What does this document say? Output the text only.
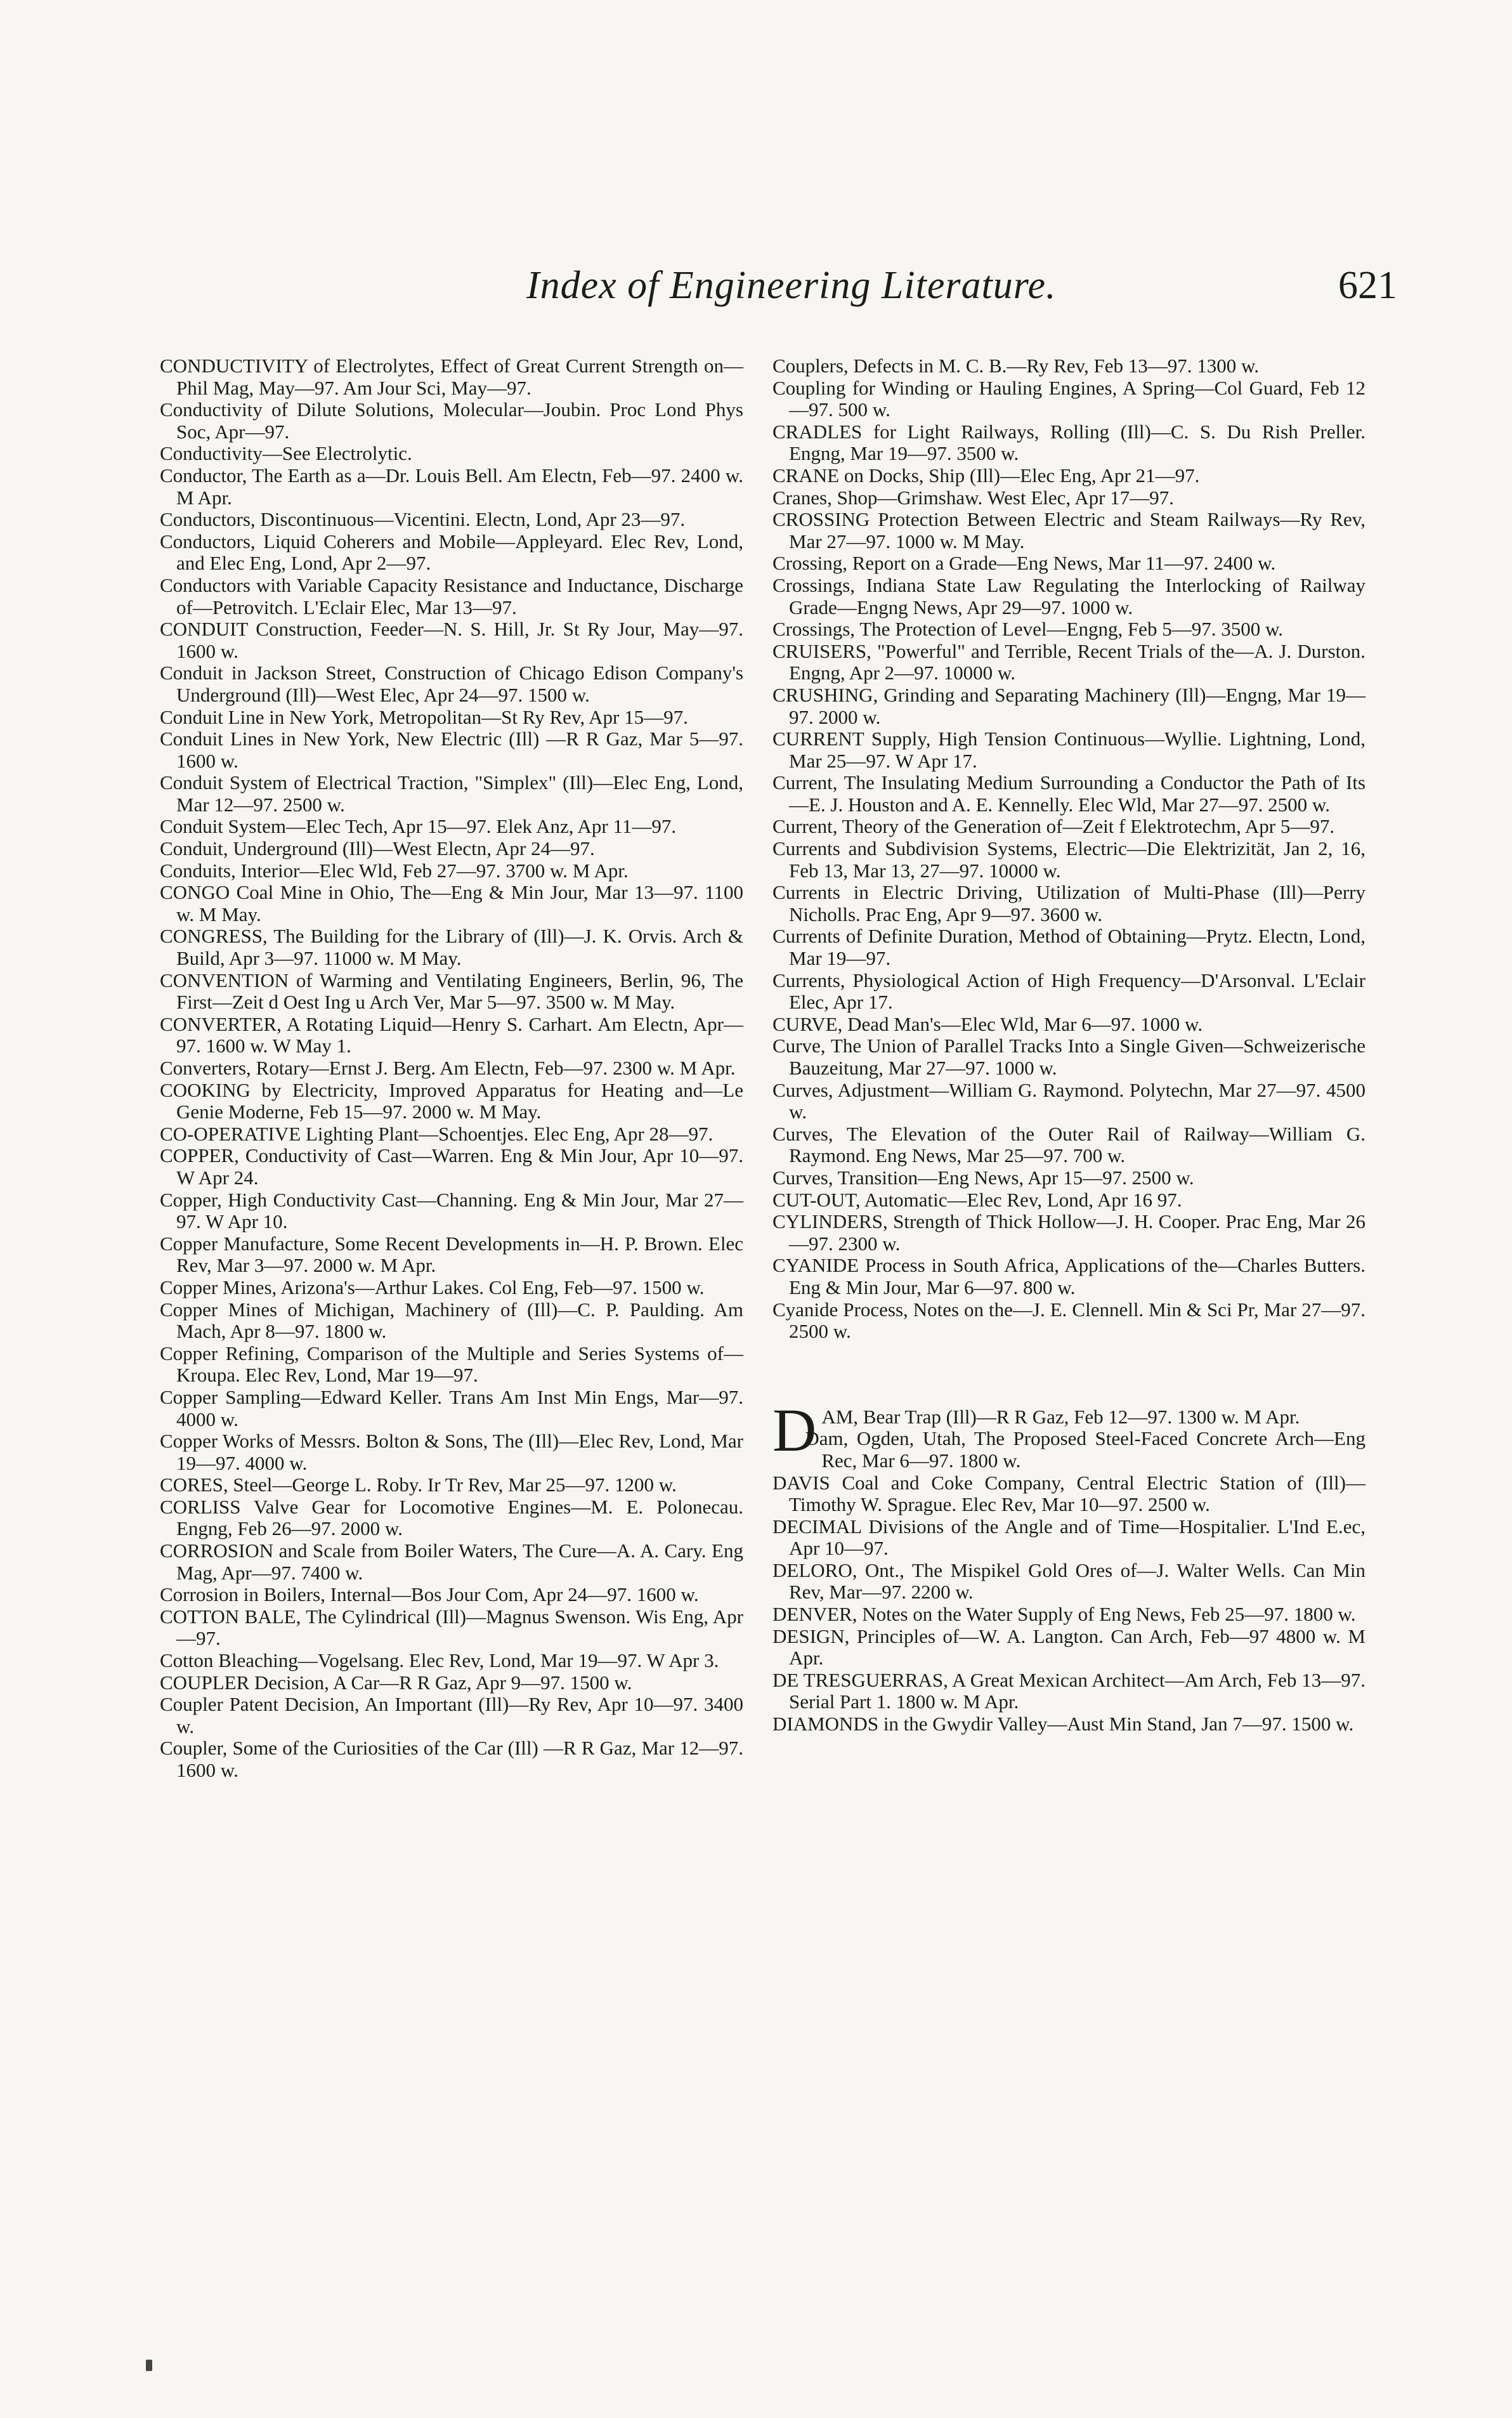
Index of Engineering Literature.	621

CONDUCTIVITY of Electrolytes, Effect of Great Current Strength on—Phil Mag, May—97. Am Jour Sci, May—97.

Conductivity of Dilute Solutions, Molecular—Joubin. Proc Lond Phys Soc, Apr—97.

Conductivity—See Electrolytic.

Conductor, The Earth as a—Dr. Louis Bell. Am Electn, Feb—97. 2400 w. M Apr.

Conductors, Discontinuous—Vicentini. Electn, Lond, Apr 23—97.

Conductors, Liquid Coherers and Mobile—Appleyard. Elec Rev, Lond, and Elec Eng, Lond, Apr 2—97.

Conductors with Variable Capacity Resistance and Inductance, Discharge of—Petrovitch. L'Eclair Elec, Mar 13—97.

CONDUIT Construction, Feeder—N. S. Hill, Jr. St Ry Jour, May—97. 1600 w.

Conduit in Jackson Street, Construction of Chicago Edison Company's Underground (Ill)—West Elec, Apr 24—97. 1500 w.

Conduit Line in New York, Metropolitan—St Ry Rev, Apr 15—97.

Conduit Lines in New York, New Electric (Ill) —R R Gaz, Mar 5—97. 1600 w.

Conduit System of Electrical Traction, "Simplex" (Ill)—Elec Eng, Lond, Mar 12—97. 2500 w.

Conduit System—Elec Tech, Apr 15—97. Elek Anz, Apr 11—97.

Conduit, Underground (Ill)—West Electn, Apr 24—97.

Conduits, Interior—Elec Wld, Feb 27—97. 3700 w. M Apr.

CONGO Coal Mine in Ohio, The—Eng & Min Jour, Mar 13—97. 1100 w. M May.

CONGRESS, The Building for the Library of (Ill)—J. K. Orvis. Arch & Build, Apr 3—97. 11000 w. M May.

CONVENTION of Warming and Ventilating Engineers, Berlin, 96, The First—Zeit d Oest Ing u Arch Ver, Mar 5—97. 3500 w. M May.

CONVERTER, A Rotating Liquid—Henry S. Carhart. Am Electn, Apr—97. 1600 w. W May 1.

Converters, Rotary—Ernst J. Berg. Am Electn, Feb—97. 2300 w. M Apr.

COOKING by Electricity, Improved Apparatus for Heating and—Le Genie Moderne, Feb 15—97. 2000 w. M May.

CO-OPERATIVE Lighting Plant—Schoentjes. Elec Eng, Apr 28—97.

COPPER, Conductivity of Cast—Warren. Eng & Min Jour, Apr 10—97. W Apr 24.

Copper, High Conductivity Cast—Channing. Eng & Min Jour, Mar 27—97. W Apr 10.

Copper Manufacture, Some Recent Developments in—H. P. Brown. Elec Rev, Mar 3—97. 2000 w. M Apr.

Copper Mines, Arizona's—Arthur Lakes. Col Eng, Feb—97. 1500 w.

Copper Mines of Michigan, Machinery of (Ill)—C. P. Paulding. Am Mach, Apr 8—97. 1800 w.

Copper Refining, Comparison of the Multiple and Series Systems of—Kroupa. Elec Rev, Lond, Mar 19—97.

Copper Sampling—Edward Keller. Trans Am Inst Min Engs, Mar—97. 4000 w.

Copper Works of Messrs. Bolton & Sons, The (Ill)—Elec Rev, Lond, Mar 19—97. 4000 w.

CORES, Steel—George L. Roby. Ir Tr Rev, Mar 25—97. 1200 w.

CORLISS Valve Gear for Locomotive Engines—M. E. Polonecau. Engng, Feb 26—97. 2000 w.

CORROSION and Scale from Boiler Waters, The Cure—A. A. Cary. Eng Mag, Apr—97. 7400 w.

Corrosion in Boilers, Internal—Bos Jour Com, Apr 24—97. 1600 w.

COTTON BALE, The Cylindrical (Ill)—Magnus Swenson. Wis Eng, Apr—97.

Cotton Bleaching—Vogelsang. Elec Rev, Lond, Mar 19—97. W Apr 3.

COUPLER Decision, A Car—R R Gaz, Apr 9—97. 1500 w.

Coupler Patent Decision, An Important (Ill)—Ry Rev, Apr 10—97. 3400 w.

Coupler, Some of the Curiosities of the Car (Ill) —R R Gaz, Mar 12—97. 1600 w.

Couplers, Defects in M. C. B.—Ry Rev, Feb 13—97. 1300 w.

Coupling for Winding or Hauling Engines, A Spring—Col Guard, Feb 12—97. 500 w.

CRADLES for Light Railways, Rolling (Ill)—C. S. Du Rish Preller. Engng, Mar 19—97. 3500 w.

CRANE on Docks, Ship (Ill)—Elec Eng, Apr 21—97.

Cranes, Shop—Grimshaw. West Elec, Apr 17—97.

CROSSING Protection Between Electric and Steam Railways—Ry Rev, Mar 27—97. 1000 w. M May.

Crossing, Report on a Grade—Eng News, Mar 11—97. 2400 w.

Crossings, Indiana State Law Regulating the Interlocking of Railway Grade—Engng News, Apr 29—97. 1000 w.

Crossings, The Protection of Level—Engng, Feb 5—97. 3500 w.

CRUISERS, "Powerful" and Terrible, Recent Trials of the—A. J. Durston. Engng, Apr 2—97. 10000 w.

CRUSHING, Grinding and Separating Machinery (Ill)—Engng, Mar 19—97. 2000 w.

CURRENT Supply, High Tension Continuous—Wyllie. Lightning, Lond, Mar 25—97. W Apr 17.

Current, The Insulating Medium Surrounding a Conductor the Path of Its—E. J. Houston and A. E. Kennelly. Elec Wld, Mar 27—97. 2500 w.

Current, Theory of the Generation of—Zeit f Elektrotechm, Apr 5—97.

Currents and Subdivision Systems, Electric—Die Elektrizität, Jan 2, 16, Feb 13, Mar 13, 27—97. 10000 w.

Currents in Electric Driving, Utilization of Multi-Phase (Ill)—Perry Nicholls. Prac Eng, Apr 9—97. 3600 w.

Currents of Definite Duration, Method of Obtaining—Prytz. Electn, Lond, Mar 19—97.

Currents, Physiological Action of High Frequency—D'Arsonval. L'Eclair Elec, Apr 17.

CURVE, Dead Man's—Elec Wld, Mar 6—97. 1000 w.

Curve, The Union of Parallel Tracks Into a Single Given—Schweizerische Bauzeitung, Mar 27—97. 1000 w.

Curves, Adjustment—William G. Raymond. Polytechn, Mar 27—97. 4500 w.

Curves, The Elevation of the Outer Rail of Railway—William G. Raymond. Eng News, Mar 25—97. 700 w.

Curves, Transition—Eng News, Apr 15—97. 2500 w.

CUT-OUT, Automatic—Elec Rev, Lond, Apr 16 97.

CYLINDERS, Strength of Thick Hollow—J. H. Cooper. Prac Eng, Mar 26—97. 2300 w.

CYANIDE Process in South Africa, Applications of the—Charles Butters. Eng & Min Jour, Mar 6—97. 800 w.

Cyanide Process, Notes on the—J. E. Clennell. Min & Sci Pr, Mar 27—97. 2500 w.

DAM, Bear Trap (Ill)—R R Gaz, Feb 12—97. 1300 w. M Apr.

Dam, Ogden, Utah, The Proposed Steel-Faced Concrete Arch—Eng Rec, Mar 6—97. 1800 w.

DAVIS Coal and Coke Company, Central Electric Station of (Ill)—Timothy W. Sprague. Elec Rev, Mar 10—97. 2500 w.

DECIMAL Divisions of the Angle and of Time—Hospitalier. L'Ind E.ec, Apr 10—97.

DELORO, Ont., The Mispikel Gold Ores of—J. Walter Wells. Can Min Rev, Mar—97. 2200 w.

DENVER, Notes on the Water Supply of Eng News, Feb 25—97. 1800 w.

DESIGN, Principles of—W. A. Langton. Can Arch, Feb—97 4800 w. M Apr.

DE TRESGUERRAS, A Great Mexican Architect—Am Arch, Feb 13—97. Serial Part 1. 1800 w. M Apr.

DIAMONDS in the Gwydir Valley—Aust Min Stand, Jan 7—97. 1500 w.
